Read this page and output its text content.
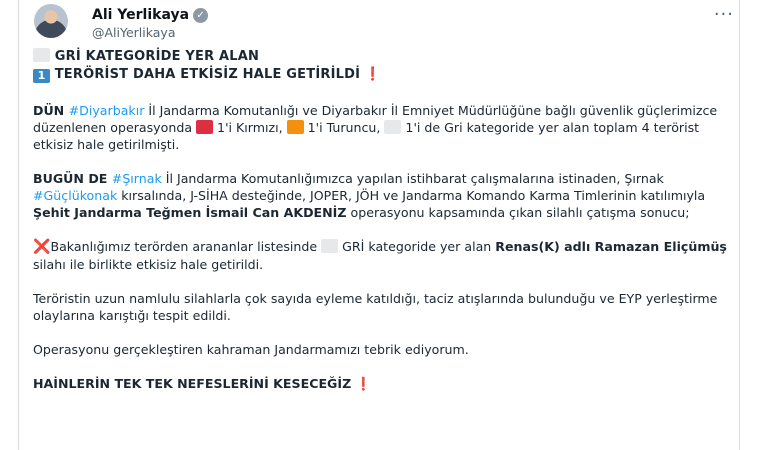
Ali Yerlikaya ✓
@AliYerlikaya
···

GRİ KATEGORİDE YER ALAN

1 TERÖRİST DAHA ETKİSİZ HALE GETİRİLDİ ❗

DÜN #Diyarbakır İl Jandarma Komutanlığı ve Diyarbakır İl Emniyet Müdürlüğüne bağlı güvenlik güçlerimizce düzenlenen operasyonda  1'i Kırmızı,  1'i Turuncu,  1'i de Gri kategoride yer alan toplam 4 terörist etkisiz hale getirilmişti.

BUGÜN DE #Şırnak İl Jandarma Komutanlığımızca yapılan istihbarat çalışmalarına istinaden, Şırnak #Güçlükonak kırsalında, J-SİHA desteğinde, JOPER, JÖH ve Jandarma Komando Karma Timlerinin katılımıyla Şehit Jandarma Teğmen İsmail Can AKDENİZ operasyonu kapsamında çıkan silahlı çatışma sonucu;

❌Bakanlığımız terörden arananlar listesinde  GRİ kategoride yer alan Renas(K) adlı Ramazan Eliçümüş silahı ile birlikte etkisiz hale getirildi.

Teröristin uzun namlulu silahlarla çok sayıda eyleme katıldığı, taciz atışlarında bulunduğu ve EYP yerleştirme olaylarına karıştığı tespit edildi.

Operasyonu gerçekleştiren kahraman Jandarmamızı tebrik ediyorum.

HAİNLERİN TEK TEK NEFESLERİNİ KESECEĞİZ ❗
